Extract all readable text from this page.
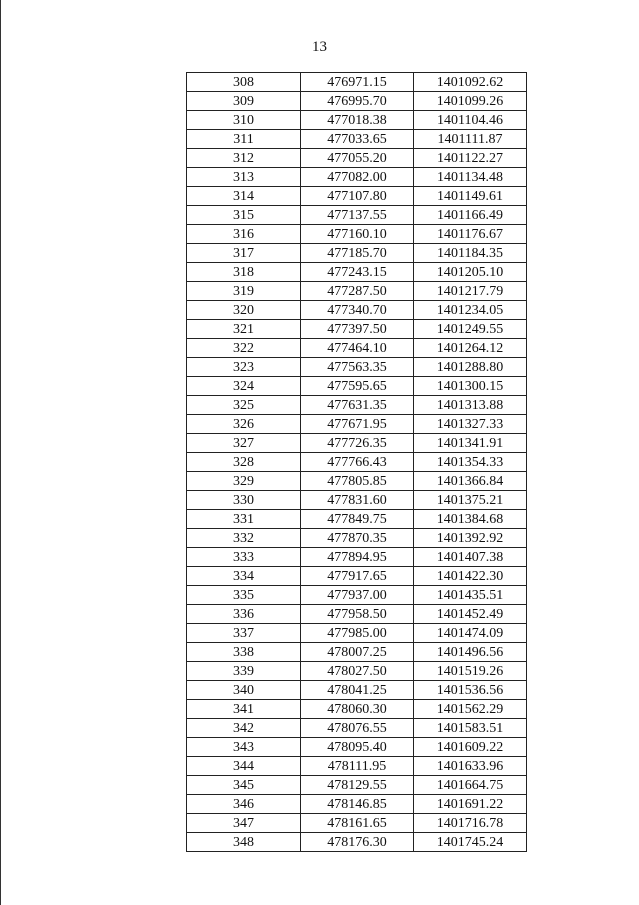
13
308	476971.15	1401092.62
309	476995.70	1401099.26
310	477018.38	1401104.46
311	477033.65	1401111.87
312	477055.20	1401122.27
313	477082.00	1401134.48
314	477107.80	1401149.61
315	477137.55	1401166.49
316	477160.10	1401176.67
317	477185.70	1401184.35
318	477243.15	1401205.10
319	477287.50	1401217.79
320	477340.70	1401234.05
321	477397.50	1401249.55
322	477464.10	1401264.12
323	477563.35	1401288.80
324	477595.65	1401300.15
325	477631.35	1401313.88
326	477671.95	1401327.33
327	477726.35	1401341.91
328	477766.43	1401354.33
329	477805.85	1401366.84
330	477831.60	1401375.21
331	477849.75	1401384.68
332	477870.35	1401392.92
333	477894.95	1401407.38
334	477917.65	1401422.30
335	477937.00	1401435.51
336	477958.50	1401452.49
337	477985.00	1401474.09
338	478007.25	1401496.56
339	478027.50	1401519.26
340	478041.25	1401536.56
341	478060.30	1401562.29
342	478076.55	1401583.51
343	478095.40	1401609.22
344	478111.95	1401633.96
345	478129.55	1401664.75
346	478146.85	1401691.22
347	478161.65	1401716.78
348	478176.30	1401745.24
